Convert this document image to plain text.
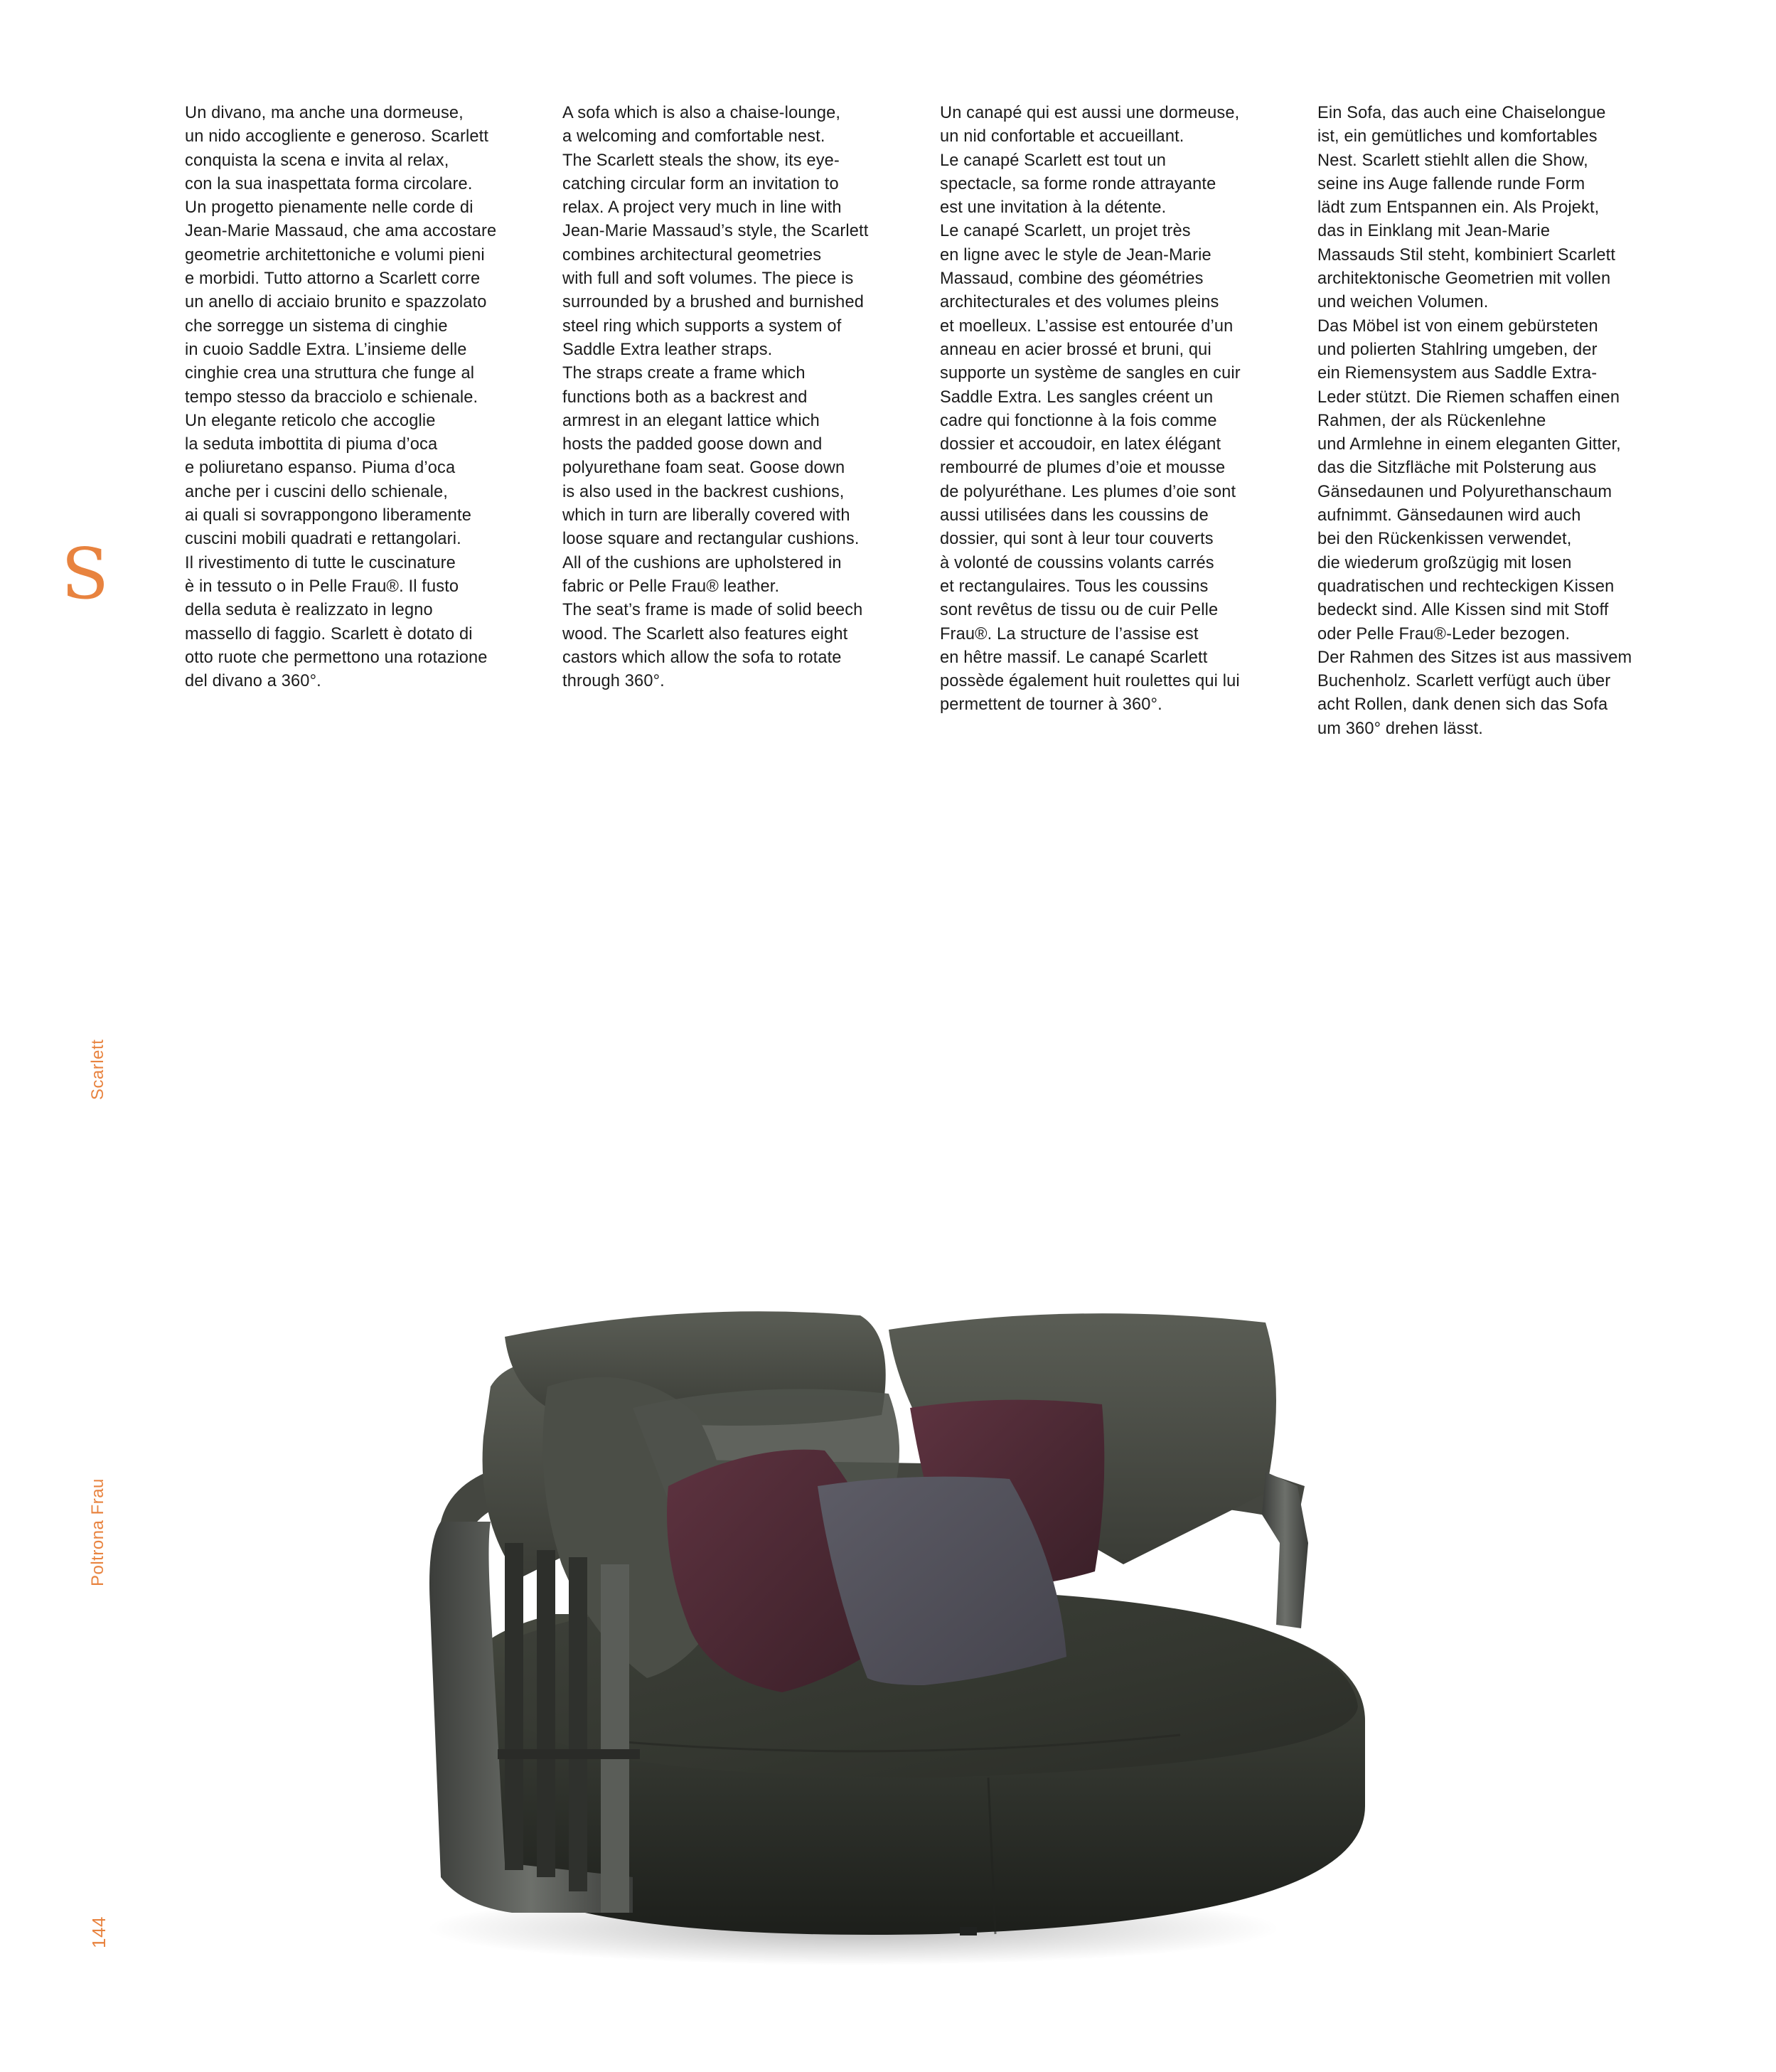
Un divano, ma anche una dormeuse,
un nido accogliente e generoso. Scarlett
conquista la scena e invita al relax,
con la sua inaspettata forma circolare.
Un progetto pienamente nelle corde di
Jean-Marie Massaud, che ama accostare
geometrie architettoniche e volumi pieni
e morbidi. Tutto attorno a Scarlett corre
un anello di acciaio brunito e spazzolato
che sorregge un sistema di cinghie
in cuoio Saddle Extra. L’insieme delle
cinghie crea una struttura che funge al
tempo stesso da bracciolo e schienale.
Un elegante reticolo che accoglie
la seduta imbottita di piuma d’oca
e poliuretano espanso. Piuma d’oca
anche per i cuscini dello schienale,
ai quali si sovrappongono liberamente
cuscini mobili quadrati e rettangolari.
Il rivestimento di tutte le cuscinature
è in tessuto o in Pelle Frau®. Il fusto
della seduta è realizzato in legno
massello di faggio. Scarlett è dotato di
otto ruote che permettono una rotazione
del divano a 360°.
A sofa which is also a chaise-lounge,
a welcoming and comfortable nest.
The Scarlett steals the show, its eye-
catching circular form an invitation to
relax. A project very much in line with
Jean-Marie Massaud’s style, the Scarlett
combines architectural geometries
with full and soft volumes. The piece is
surrounded by a brushed and burnished
steel ring which supports a system of
Saddle Extra leather straps.
The straps create a frame which
functions both as a backrest and
armrest in an elegant lattice which
hosts the padded goose down and
polyurethane foam seat. Goose down
is also used in the backrest cushions,
which in turn are liberally covered with
loose square and rectangular cushions.
All of the cushions are upholstered in
fabric or Pelle Frau® leather.
The seat’s frame is made of solid beech
wood. The Scarlett also features eight
castors which allow the sofa to rotate
through 360°.
Un canapé qui est aussi une dormeuse,
un nid confortable et accueillant.
Le canapé Scarlett est tout un
spectacle, sa forme ronde attrayante
est une invitation à la détente.
Le canapé Scarlett, un projet très
en ligne avec le style de Jean-Marie
Massaud, combine des géométries
architecturales et des volumes pleins
et moelleux. L’assise est entourée d’un
anneau en acier brossé et bruni, qui
supporte un système de sangles en cuir
Saddle Extra. Les sangles créent un
cadre qui fonctionne à la fois comme
dossier et accoudoir, en latex élégant
rembourré de plumes d’oie et mousse
de polyuréthane. Les plumes d’oie sont
aussi utilisées dans les coussins de
dossier, qui sont à leur tour couverts
à volonté de coussins volants carrés
et rectangulaires. Tous les coussins
sont revêtus de tissu ou de cuir Pelle
Frau®. La structure de l’assise est
en hêtre massif. Le canapé Scarlett
possède également huit roulettes qui lui
permettent de tourner à 360°.
Ein Sofa, das auch eine Chaiselongue
ist, ein gemütliches und komfortables
Nest. Scarlett stiehlt allen die Show,
seine ins Auge fallende runde Form
lädt zum Entspannen ein. Als Projekt,
das in Einklang mit Jean-Marie
Massauds Stil steht, kombiniert Scarlett
architektonische Geometrien mit vollen
und weichen Volumen.
Das Möbel ist von einem gebürsteten
und polierten Stahlring umgeben, der
ein Riemensystem aus Saddle Extra-
Leder stützt. Die Riemen schaffen einen
Rahmen, der als Rückenlehne
und Armlehne in einem eleganten Gitter,
das die Sitzfläche mit Polsterung aus
Gänsedaunen und Polyurethanschaum
aufnimmt. Gänsedaunen wird auch
bei den Rückenkissen verwendet,
die wiederum großzügig mit losen
quadratischen und rechteckigen Kissen
bedeckt sind. Alle Kissen sind mit Stoff
oder Pelle Frau®-Leder bezogen.
Der Rahmen des Sitzes ist aus massivem
Buchenholz. Scarlett verfügt auch über
acht Rollen, dank denen sich das Sofa
um 360° drehen lässt.
S
Scarlett
Poltrona Frau
144
